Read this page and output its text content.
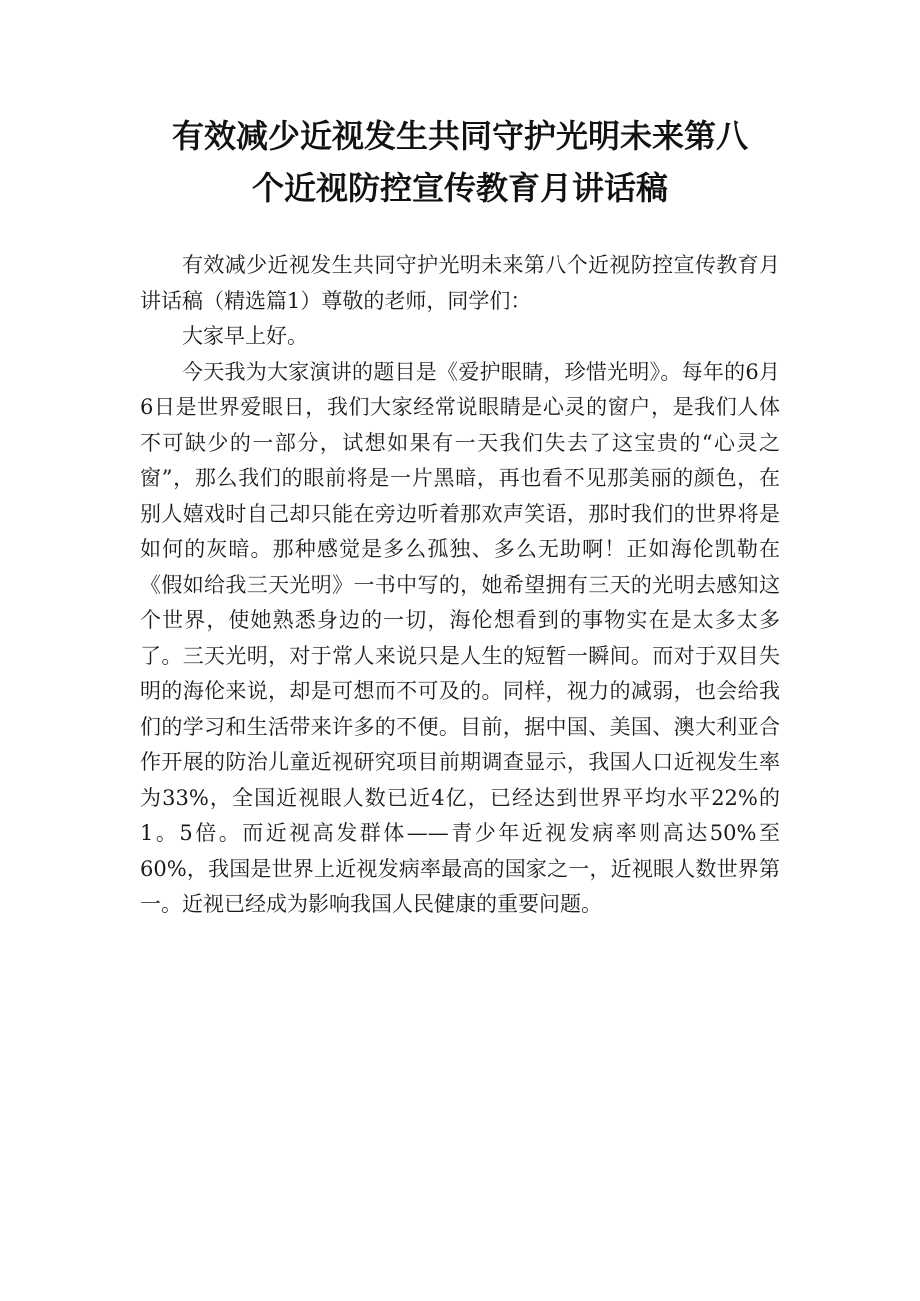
有效减少近视发生共同守护光明未来第八
个近视防控宣传教育月讲话稿

有效减少近视发生共同守护光明未来第八个近视防控宣传教育月讲话稿（精选篇1）尊敬的老师，同学们：

大家早上好。

今天我为大家演讲的题目是《爱护眼睛，珍惜光明》。每年的6月6日是世界爱眼日，我们大家经常说眼睛是心灵的窗户，是我们人体不可缺少的一部分，试想如果有一天我们失去了这宝贵的“心灵之窗”，那么我们的眼前将是一片黑暗，再也看不见那美丽的颜色，在别人嬉戏时自己却只能在旁边听着那欢声笑语，那时我们的世界将是如何的灰暗。那种感觉是多么孤独、多么无助啊！正如海伦凯勒在《假如给我三天光明》一书中写的，她希望拥有三天的光明去感知这个世界，使她熟悉身边的一切，海伦想看到的事物实在是太多太多了。三天光明，对于常人来说只是人生的短暂一瞬间。而对于双目失明的海伦来说，却是可想而不可及的。同样，视力的减弱，也会给我们的学习和生活带来许多的不便。目前，据中国、美国、澳大利亚合作开展的防治儿童近视研究项目前期调查显示，我国人口近视发生率为33%，全国近视眼人数已近4亿，已经达到世界平均水平22%的1。5倍。而近视高发群体——青少年近视发病率则高达50%至60%，我国是世界上近视发病率最高的国家之一，近视眼人数世界第一。近视已经成为影响我国人民健康的重要问题。
